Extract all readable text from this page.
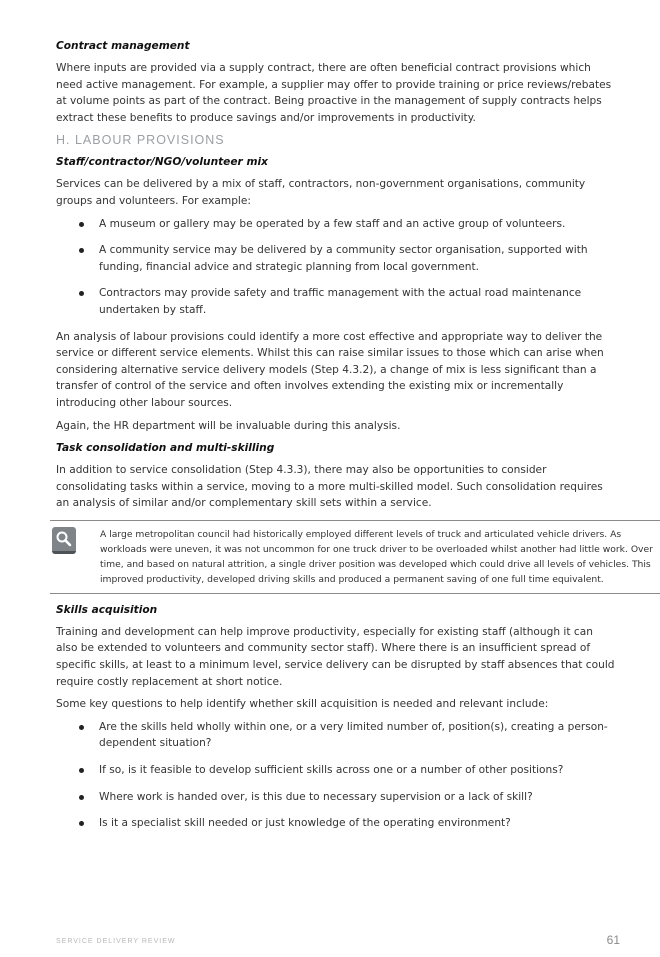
Contract management

Where inputs are provided via a supply contract, there are often beneficial contract provisions which need active management. For example, a supplier may offer to provide training or price reviews/rebates at volume points as part of the contract. Being proactive in the management of supply contracts helps extract these benefits to produce savings and/or improvements in productivity.

H. LABOUR PROVISIONS
Staff/contractor/NGO/volunteer mix

Services can be delivered by a mix of staff, contractors, non-government organisations, community groups and volunteers. For example:

A museum or gallery may be operated by a few staff and an active group of volunteers.
A community service may be delivered by a community sector organisation, supported with funding, financial advice and strategic planning from local government.
Contractors may provide safety and traffic management with the actual road maintenance undertaken by staff.

An analysis of labour provisions could identify a more cost effective and appropriate way to deliver the service or different service elements. Whilst this can raise similar issues to those which can arise when considering alternative service delivery models (Step 4.3.2), a change of mix is less significant than a transfer of control of the service and often involves extending the existing mix or incrementally introducing other labour sources.

Again, the HR department will be invaluable during this analysis.

Task consolidation and multi-skilling

In addition to service consolidation (Step 4.3.3), there may also be opportunities to consider consolidating tasks within a service, moving to a more multi-skilled model. Such consolidation requires an analysis of similar and/or complementary skill sets within a service.

A large metropolitan council had historically employed different levels of truck and articulated vehicle drivers. As workloads were uneven, it was not uncommon for one truck driver to be overloaded whilst another had little work. Over time, and based on natural attrition, a single driver position was developed which could drive all levels of vehicles. This improved productivity, developed driving skills and produced a permanent saving of one full time equivalent.

Skills acquisition

Training and development can help improve productivity, especially for existing staff (although it can also be extended to volunteers and community sector staff). Where there is an insufficient spread of specific skills, at least to a minimum level, service delivery can be disrupted by staff absences that could require costly replacement at short notice.

Some key questions to help identify whether skill acquisition is needed and relevant include:

Are the skills held wholly within one, or a very limited number of, position(s), creating a person-dependent situation?
If so, is it feasible to develop sufficient skills across one or a number of other positions?
Where work is handed over, is this due to necessary supervision or a lack of skill?
Is it a specialist skill needed or just knowledge of the operating environment?
SERVICE DELIVERY REVIEW	61
